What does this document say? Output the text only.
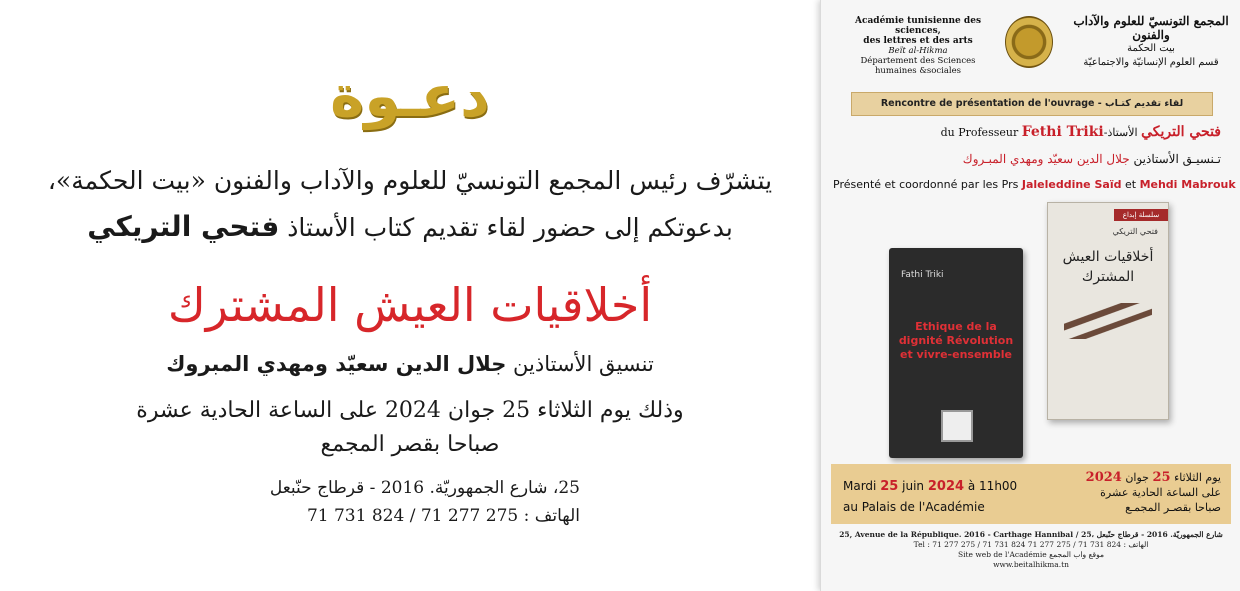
دعـوة
يتشرّف رئيس المجمع التونسيّ للعلوم والآداب والفنون «بيت الحكمة»،
بدعوتكم إلى حضور لقاء تقديم كتاب الأستاذ فتحي التريكي
أخلاقيات العيش المشترك
تنسيق الأستاذين جلال الدين سعيّد ومهدي المبروك
وذلك يوم الثلاثاء 25 جوان 2024 على الساعة الحادية عشرة
صباحا بقصر المجمع
25، شارع الجمهوريّة. 2016 - قرطاج حنّبعل
الهاتف : 275 277 71 / 824 731 71
Académie tunisienne des sciences,
des lettres et des arts
Beït al-Hikma
Département des Sciences
humaines &sociales
المجمع التونسيّ للعلوم والآداب والفنون
بيت الحكمة
قسم العلوم الإنسانيّة والاجتماعيّة
Rencontre de présentation de l'ouvrage - لقاء تقديم كتـاب
du Professeur Fethi Triki- فتحي التريكي الأستاذ
تـنسيـق الأستاذين جلال الدين سعيّد ومهدي المبـروك
Présenté et coordonné par les Prs Jaleleddine Saïd et Mehdi Mabrouk
Fathi Triki
Ethique de la dignité Révolution et vivre-ensemble
سلسلة إبداع
فتحي التريكي
أخلاقيات العيش المشترك
Mardi 25 juin 2024 à 11h00
au Palais de l'Académie
يوم الثلاثاء 25 جوان 2024
على الساعة الحادية عشرة
صباحا بقصـر المجمـع
25, Avenue de la République. 2016 - Carthage Hannibal / 25، شارع الجمهوريّة. 2016 - قرطاج حنّبعل
Tel : 71 277 275 / 71 731 824 الهاتف : 824 731 71 / 275 277 71
Site web de l'Académie موقع واب المجمع
www.beitalhikma.tn
